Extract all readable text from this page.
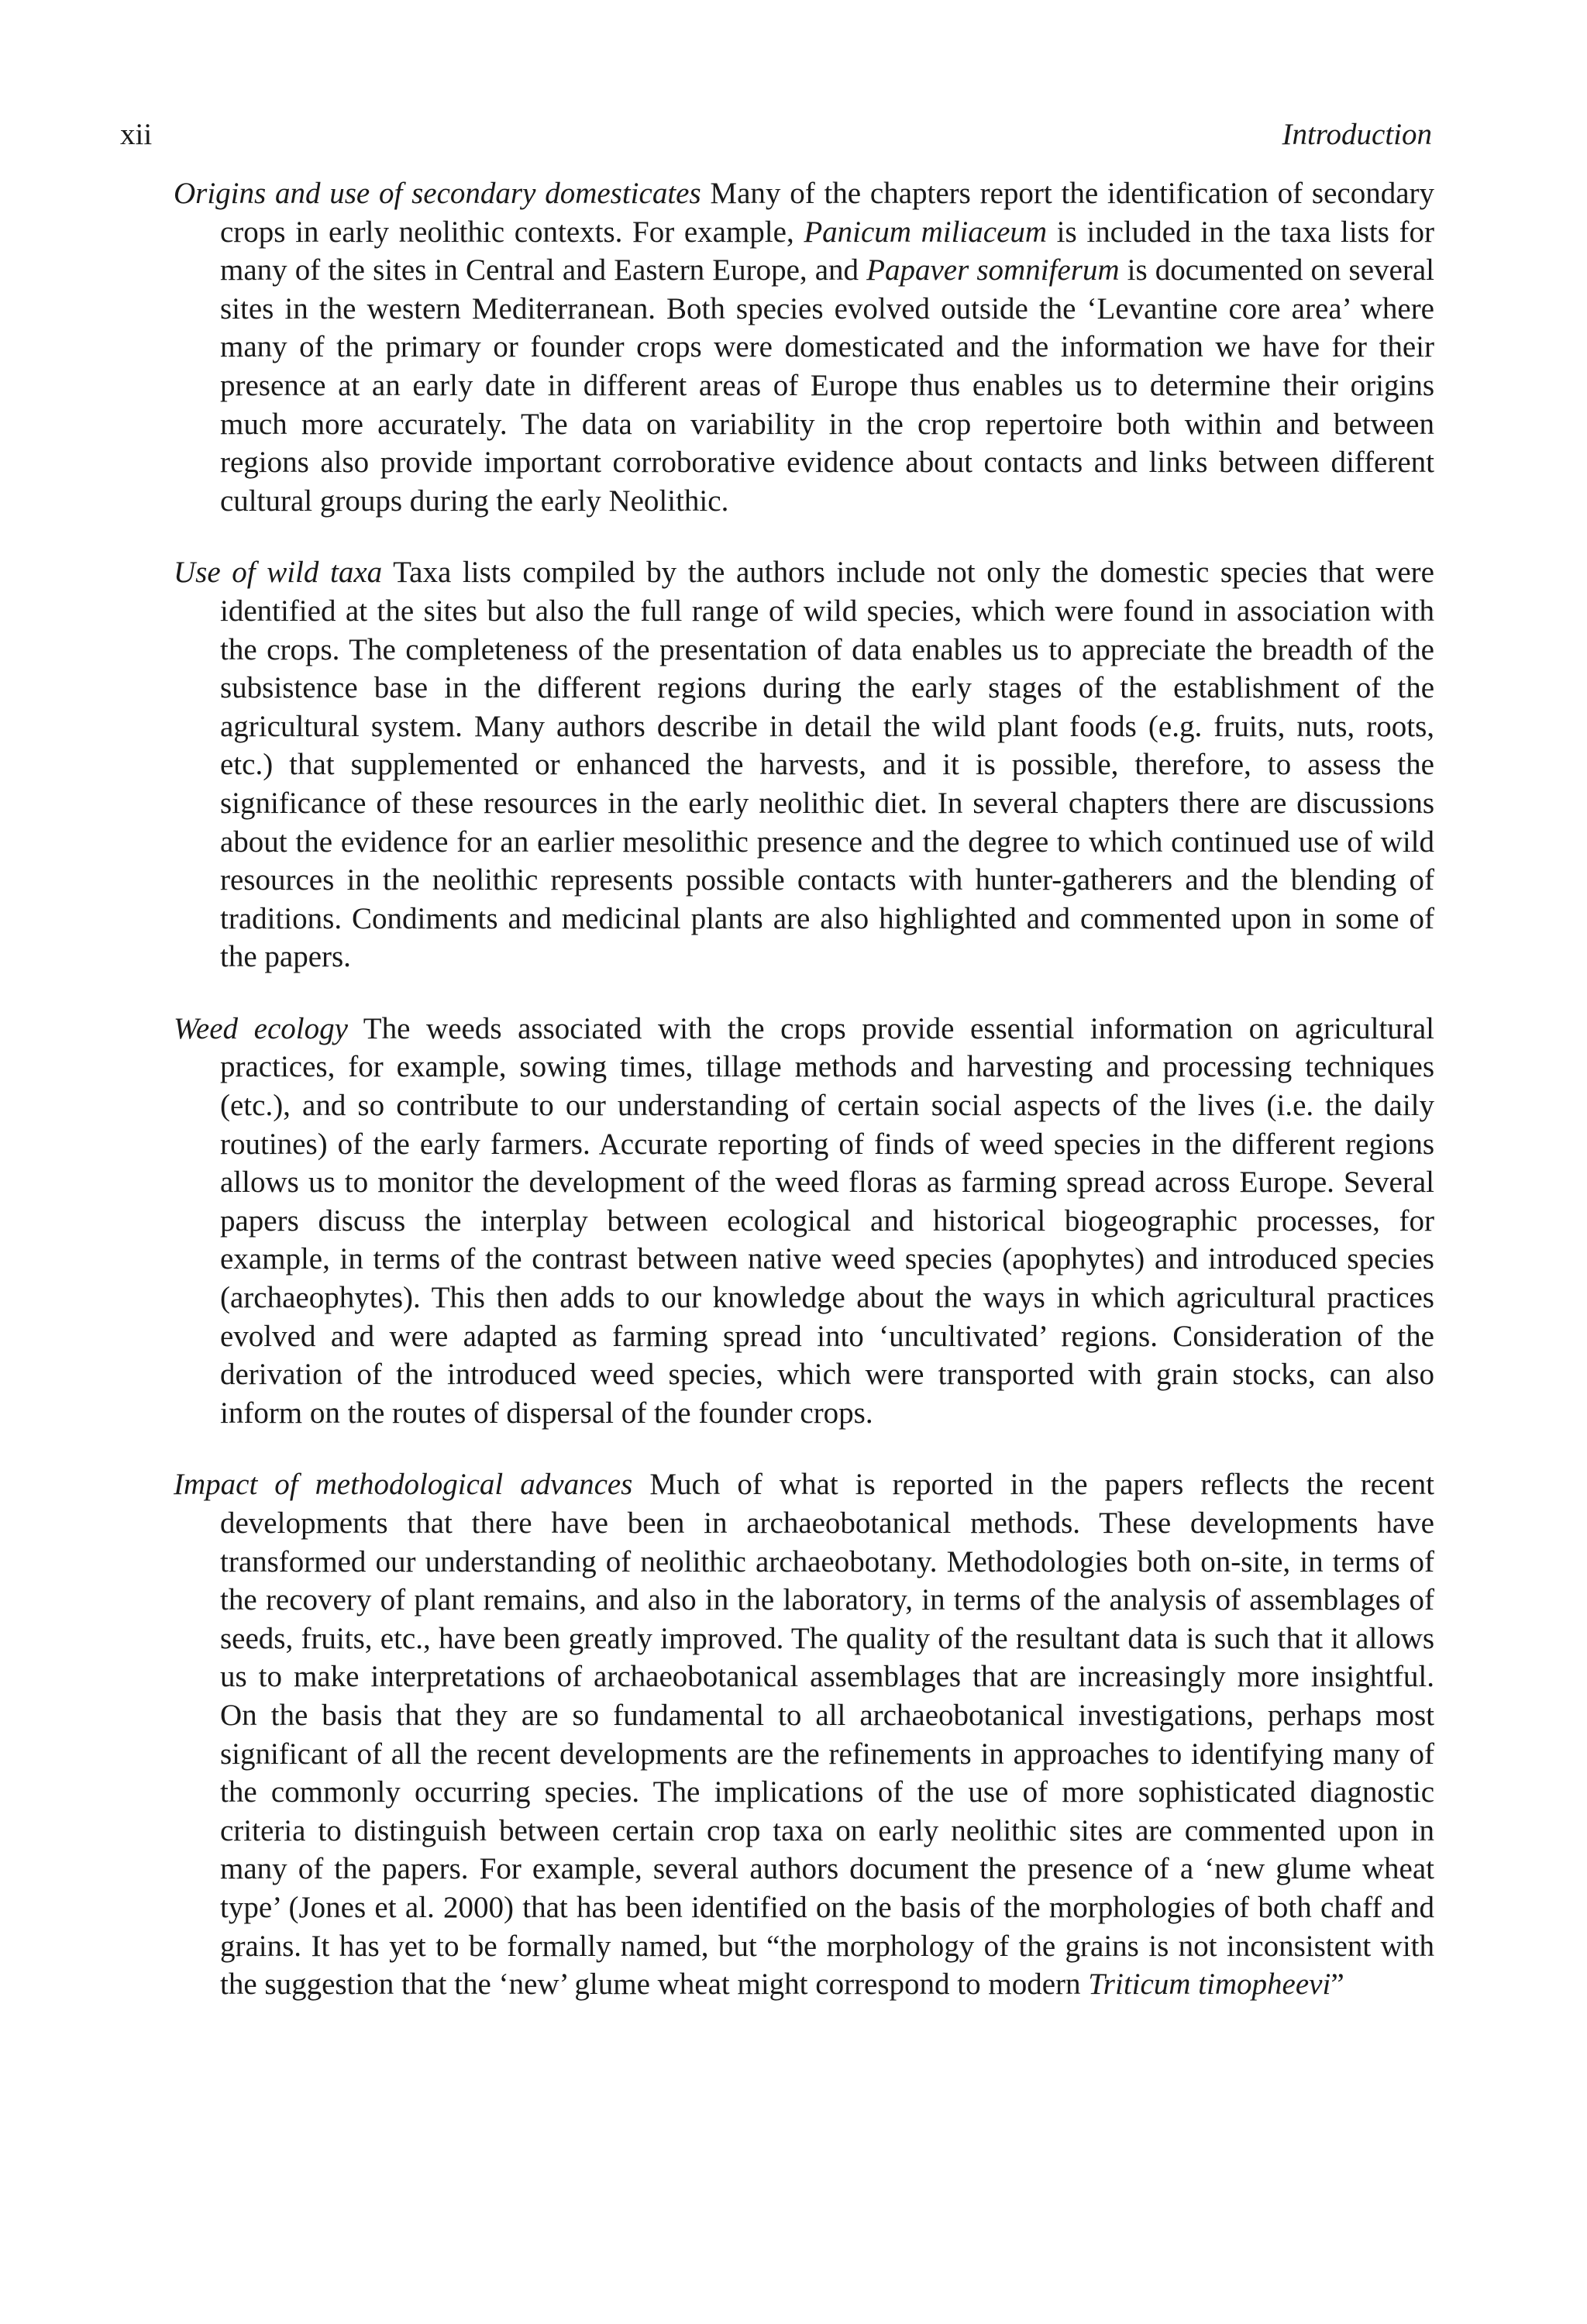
xii	Introduction

Origins and use of secondary domesticates Many of the chapters report the identification of secondary crops in early neolithic contexts. For example, Panicum miliaceum is included in the taxa lists for many of the sites in Central and Eastern Europe, and Papaver somniferum is documented on several sites in the western Mediterranean. Both species evolved outside the ‘Levantine core area’ where many of the primary or founder crops were domesticated and the information we have for their presence at an early date in different areas of Europe thus enables us to determine their origins much more accurately. The data on variability in the crop repertoire both within and between regions also provide important corroborative evidence about contacts and links between different cultural groups during the early Neolithic.

Use of wild taxa Taxa lists compiled by the authors include not only the domestic species that were identified at the sites but also the full range of wild species, which were found in association with the crops. The completeness of the presentation of data enables us to appreciate the breadth of the subsistence base in the different regions during the early stages of the establishment of the agricultural system. Many authors describe in detail the wild plant foods (e.g. fruits, nuts, roots, etc.) that supplemented or enhanced the harvests, and it is possible, therefore, to assess the significance of these resources in the early neolithic diet. In several chapters there are discussions about the evidence for an earlier mesolithic presence and the degree to which continued use of wild resources in the neolithic represents possible contacts with hunter-gatherers and the blending of traditions. Condiments and medicinal plants are also highlighted and commented upon in some of the papers.

Weed ecology The weeds associated with the crops provide essential information on agricultural practices, for example, sowing times, tillage methods and harvesting and processing techniques (etc.), and so contribute to our understanding of certain social aspects of the lives (i.e. the daily routines) of the early farmers. Accurate reporting of finds of weed species in the different regions allows us to monitor the development of the weed floras as farming spread across Europe. Several papers discuss the interplay between ecological and historical biogeographic processes, for example, in terms of the contrast between native weed species (apophytes) and introduced species (archaeophytes). This then adds to our knowledge about the ways in which agricultural practices evolved and were adapted as farming spread into ‘uncultivated’ regions. Consideration of the derivation of the introduced weed species, which were transported with grain stocks, can also inform on the routes of dispersal of the founder crops.

Impact of methodological advances Much of what is reported in the papers reflects the recent developments that there have been in archaeobotanical methods. These developments have transformed our understanding of neolithic archaeobotany. Methodologies both on-site, in terms of the recovery of plant remains, and also in the laboratory, in terms of the analysis of assemblages of seeds, fruits, etc., have been greatly improved. The quality of the resultant data is such that it allows us to make interpretations of archaeobotanical assemblages that are increasingly more insightful. On the basis that they are so fundamental to all archaeobotanical investigations, perhaps most significant of all the recent developments are the refinements in approaches to identifying many of the commonly occurring species. The implications of the use of more sophisticated diagnostic criteria to distinguish between certain crop taxa on early neolithic sites are commented upon in many of the papers. For example, several authors document the presence of a ‘new glume wheat type’ (Jones et al. 2000) that has been identified on the basis of the morphologies of both chaff and grains. It has yet to be formally named, but “the morphology of the grains is not inconsistent with the suggestion that the ‘new’ glume wheat might correspond to modern Triticum timopheevi”
